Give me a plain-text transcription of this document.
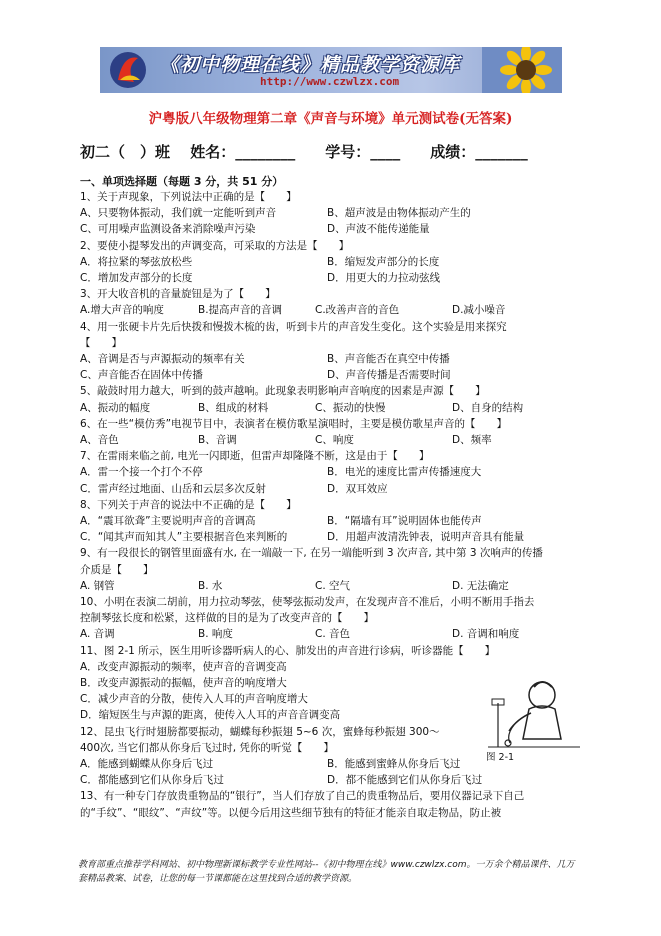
《初中物理在线》精品教学资源库
http://www.czwlzx.com
沪粤版八年级物理第二章《声音与环境》单元测试卷(无答案)
初二（　）班　 姓名：________　　学号：____　　成绩：_______
一、单项选择题（每题 3 分，共 51 分）
1、关于声现象，下列说法中正确的是【　　】
A、只要物体振动，我们就一定能听到声音	B、超声波是由物体振动产生的
C、可用噪声监测设备来消除噪声污染	D、声波不能传递能量
2、要使小提琴发出的声调变高，可采取的方法是【　　】
A．将拉紧的琴弦放松些	B．缩短发声部分的长度
C．增加发声部分的长度	D．用更大的力拉动弦线
3、开大收音机的音量旋钮是为了【　　】
A.增大声音的响度	B.提高声音的音调	C.改善声音的音色	D.减小噪音
4、用一张硬卡片先后快拨和慢拨木梳的齿，听到卡片的声音发生变化。这个实验是用来探究
【　　】
A、音调是否与声源振动的频率有关	B、声音能否在真空中传播
C、声音能否在固体中传播	D、声音传播是否需要时间
5、敲鼓时用力越大，听到的鼓声越响。此现象表明影响声音响度的因素是声源【　　】
A、振动的幅度	B、组成的材料	C、振动的快慢	D、自身的结构
6、在一些“模仿秀”电视节目中，表演者在模仿歌星演唱时，主要是模仿歌星声音的【　　】
A、音色	B、音调	C、响度	D、频率
7、在雷雨来临之前, 电光一闪即逝，但雷声却隆隆不断，这是由于【　　】
A．雷一个接一个打个不停	B．电光的速度比雷声传播速度大
C．雷声经过地面、山岳和云层多次反射	D．双耳效应
8、下列关于声音的说法中不正确的是【　　】
A．“震耳欲聋”主要说明声音的音调高	B．“隔墙有耳”说明固体也能传声
C．“闻其声而知其人”主要根据音色来判断的	D．用超声波清洗钟表，说明声音具有能量
9、有一段很长的钢管里面盛有水, 在一端敲一下, 在另一端能听到 3 次声音, 其中第 3 次响声的传播
介质是【　　】
A. 钢管	B. 水	C. 空气	D. 无法确定
10、小明在表演二胡前，用力拉动琴弦，使琴弦振动发声，在发现声音不准后，小明不断用手指去
控制琴弦长度和松紧，这样做的目的是为了改变声音的【　　】
A. 音调	B. 响度	C. 音色	D. 音调和响度
11、图 2-1 所示，医生用听诊器听病人的心、肺发出的声音进行诊病，听诊器能【　　】
A．改变声源振动的频率，使声音的音调变高
B．改变声源振动的振幅，使声音的响度增大
C．减少声音的分散，使传入人耳的声音响度增大
D．缩短医生与声源的距离，使传入人耳的声音音调变高
12、昆虫飞行时翅膀都要振动，蝴蝶每秒振翅 5~6 次，蜜蜂每秒振翅 300～
400次, 当它们都从你身后飞过时, 凭你的听觉【　　】
A．能感到蝴蝶从你身后飞过	B．能感到蜜蜂从你身后飞过
C．都能感到它们从你身后飞过	D．都不能感到它们从你身后飞过
13、有一种专门存放贵重物品的“银行”，当人们存放了自己的贵重物品后，要用仪器记录下自己
的“手纹”、“眼纹”、“声纹”等。以便今后用这些细节独有的特征才能亲自取走物品，防止被
图 2-1
教育部重点推荐学科网站、初中物理新课标教学专业性网站--《初中物理在线》www.czwlzx.com。一万余个精品课件、几万套精品教案、试卷，让您的每一节课都能在这里找到合适的教学资源。
